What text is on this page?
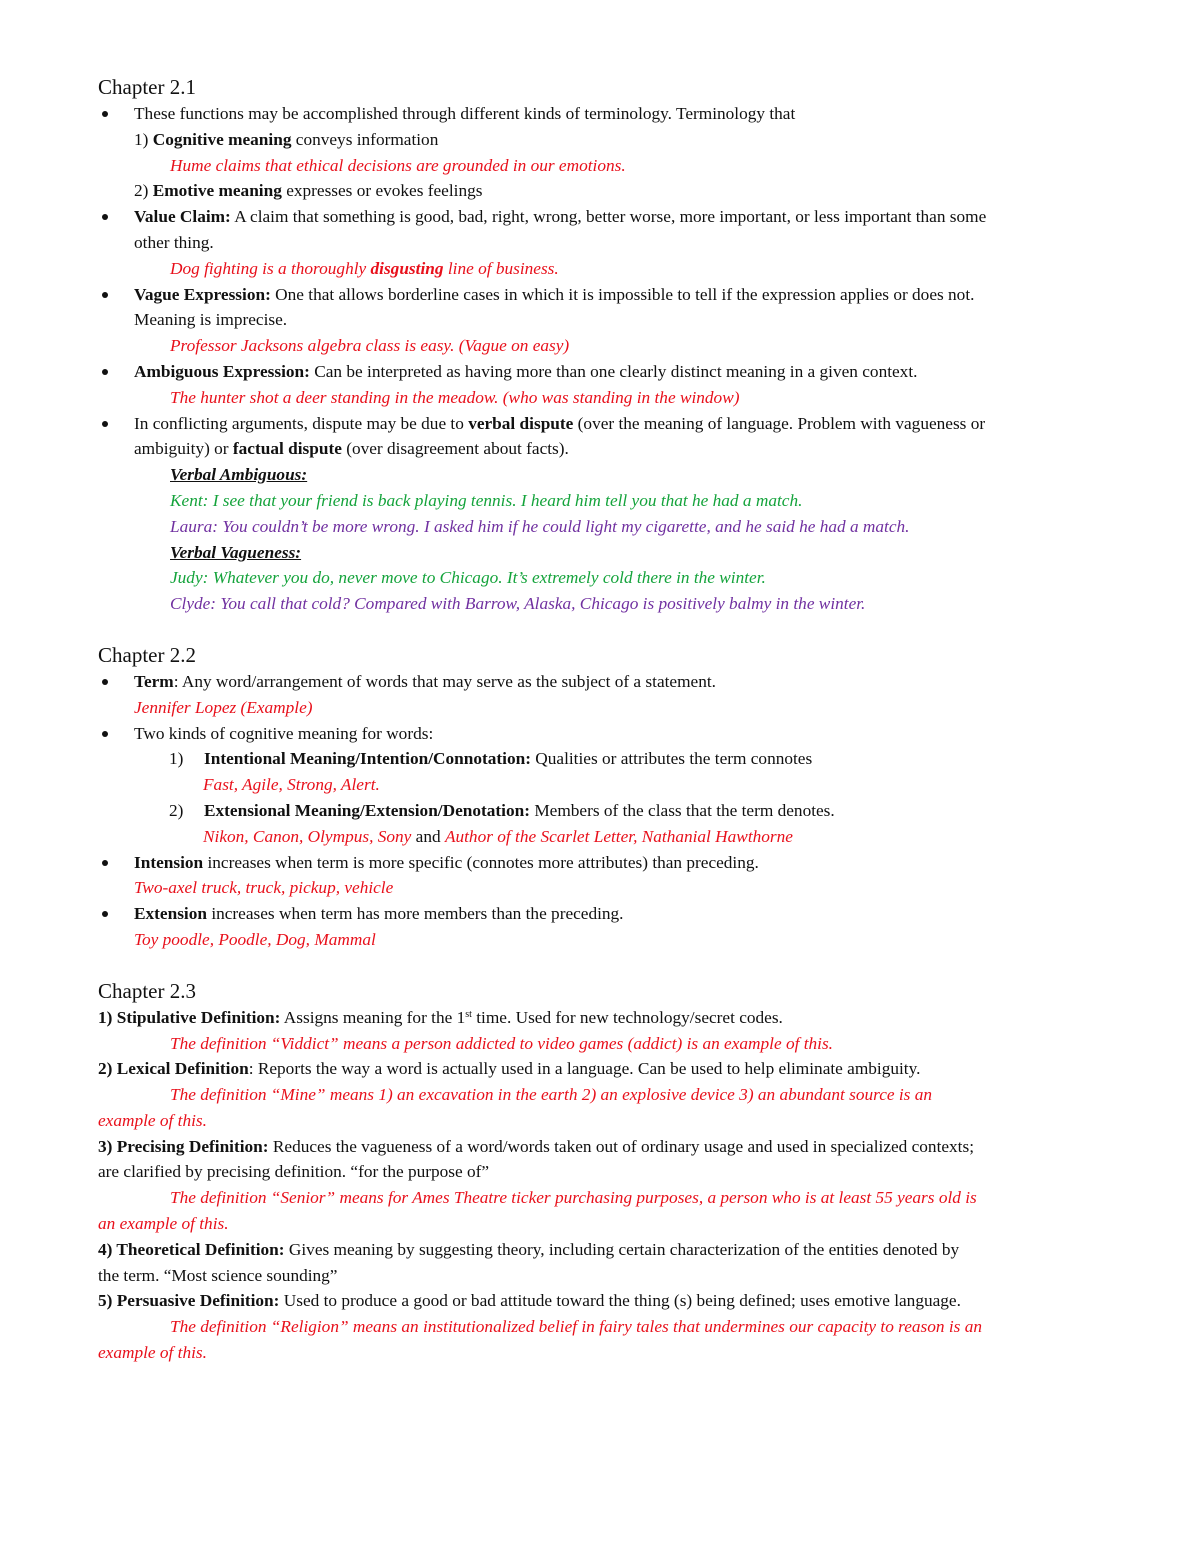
Chapter 2.1

These functions may be accomplished through different kinds of terminology. Terminology that

1) Cognitive meaning conveys information

Hume claims that ethical decisions are grounded in our emotions.

2) Emotive meaning expresses or evokes feelings

Value Claim: A claim that something is good, bad, right, wrong, better worse, more important, or less important than some

other thing.

Dog fighting is a thoroughly disgusting line of business.

Vague Expression: One that allows borderline cases in which it is impossible to tell if the expression applies or does not.

Meaning is imprecise.

Professor Jacksons algebra class is easy. (Vague on easy)

Ambiguous Expression: Can be interpreted as having more than one clearly distinct meaning in a given context.

The hunter shot a deer standing in the meadow. (who was standing in the window)

In conflicting arguments, dispute may be due to verbal dispute (over the meaning of language. Problem with vagueness or

ambiguity) or factual dispute (over disagreement about facts).

Verbal Ambiguous:

Kent: I see that your friend is back playing tennis. I heard him tell you that he had a match.

Laura: You couldn’t be more wrong. I asked him if he could light my cigarette, and he said he had a match.

Verbal Vagueness:

Judy: Whatever you do, never move to Chicago. It’s extremely cold there in the winter.

Clyde: You call that cold? Compared with Barrow, Alaska, Chicago is positively balmy in the winter.

Chapter 2.2

Term: Any word/arrangement of words that may serve as the subject of a statement.

Jennifer Lopez (Example)

Two kinds of cognitive meaning for words:

1) Intentional Meaning/Intention/Connotation: Qualities or attributes the term connotes

Fast, Agile, Strong, Alert.

2) Extensional Meaning/Extension/Denotation: Members of the class that the term denotes.

Nikon, Canon, Olympus, Sony and Author of the Scarlet Letter, Nathanial Hawthorne

Intension increases when term is more specific (connotes more attributes) than preceding.

Two-axel truck, truck, pickup, vehicle

Extension increases when term has more members than the preceding.

Toy poodle, Poodle, Dog, Mammal

Chapter 2.3

1) Stipulative Definition: Assigns meaning for the 1st time. Used for new technology/secret codes.

The definition “Viddict” means a person addicted to video games (addict) is an example of this.

2) Lexical Definition: Reports the way a word is actually used in a language. Can be used to help eliminate ambiguity.

The definition “Mine” means 1) an excavation in the earth 2) an explosive device 3) an abundant source is an

example of this.

3) Precising Definition: Reduces the vagueness of a word/words taken out of ordinary usage and used in specialized contexts;

are clarified by precising definition. “for the purpose of”

The definition “Senior” means for Ames Theatre ticker purchasing purposes, a person who is at least 55 years old is

an example of this.

4) Theoretical Definition: Gives meaning by suggesting theory, including certain characterization of the entities denoted by

the term. “Most science sounding”

5) Persuasive Definition: Used to produce a good or bad attitude toward the thing (s) being defined; uses emotive language.

The definition “Religion” means an institutionalized belief in fairy tales that undermines our capacity to reason is an

example of this.
